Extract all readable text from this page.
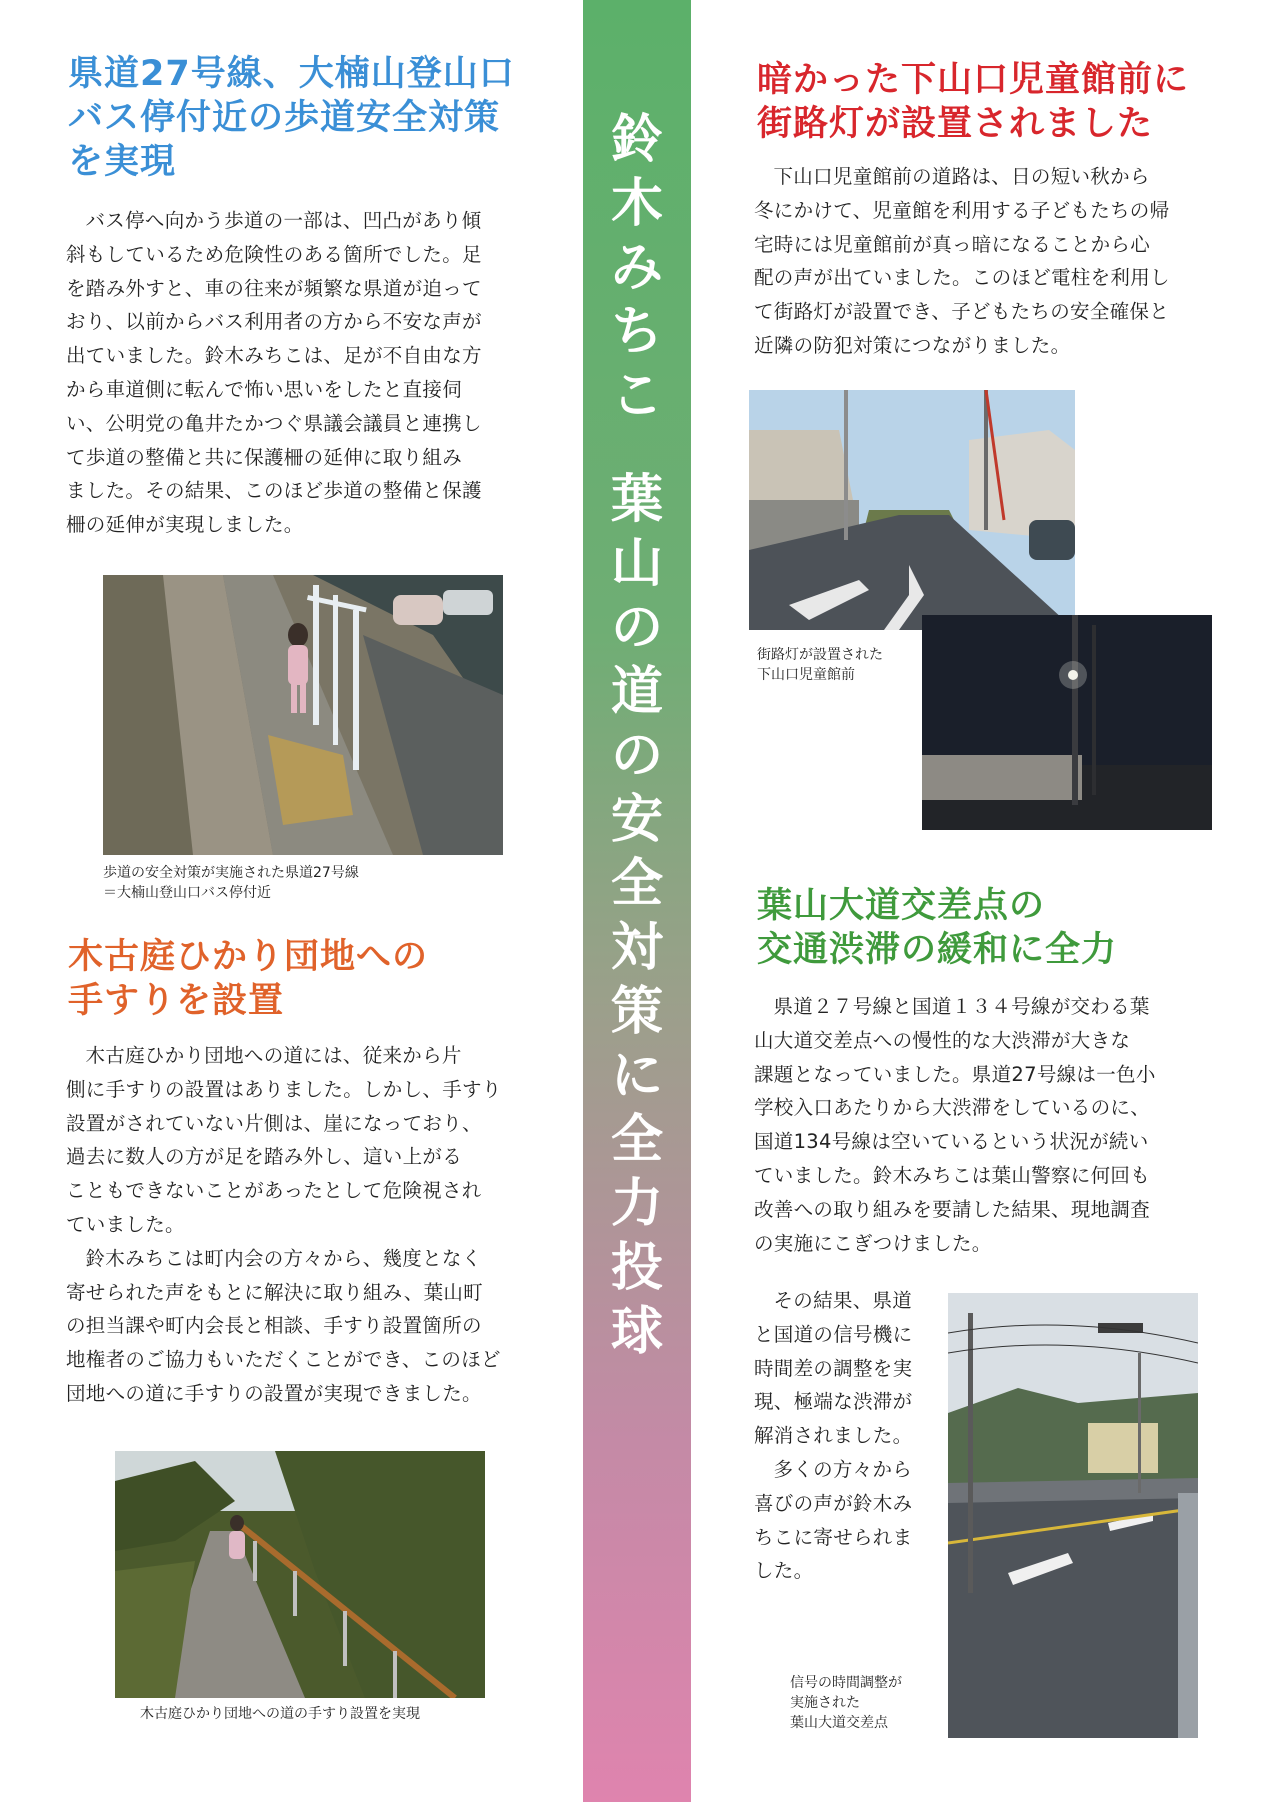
鈴
木
み
ち
こ
葉
山
の
道
の
安
全
対
策
に
全
力
投
球
県道27号線、大楠山登山口
バス停付近の歩道安全対策
を実現
バス停へ向かう歩道の一部は、凹凸があり傾
斜もしているため危険性のある箇所でした。足
を踏み外すと、車の往来が頻繁な県道が迫って
おり、以前からバス利用者の方から不安な声が
出ていました。鈴木みちこは、足が不自由な方
から車道側に転んで怖い思いをしたと直接伺
い、公明党の亀井たかつぐ県議会議員と連携し
て歩道の整備と共に保護柵の延伸に取り組み
ました。その結果、このほど歩道の整備と保護
柵の延伸が実現しました。
歩道の安全対策が実施された県道27号線
＝大楠山登山口バス停付近
木古庭ひかり団地への
手すりを設置
木古庭ひかり団地への道には、従来から片
側に手すりの設置はありました。しかし、手すり
設置がされていない片側は、崖になっており、
過去に数人の方が足を踏み外し、這い上がる
こともできないことがあったとして危険視され
ていました。
鈴木みちこは町内会の方々から、幾度となく
寄せられた声をもとに解決に取り組み、葉山町
の担当課や町内会長と相談、手すり設置箇所の
地権者のご協力もいただくことができ、このほど
団地への道に手すりの設置が実現できました。
木古庭ひかり団地への道の手すり設置を実現
暗かった下山口児童館前に
街路灯が設置されました
下山口児童館前の道路は、日の短い秋から
冬にかけて、児童館を利用する子どもたちの帰
宅時には児童館前が真っ暗になることから心
配の声が出ていました。このほど電柱を利用し
て街路灯が設置でき、子どもたちの安全確保と
近隣の防犯対策につながりました。
街路灯が設置された
下山口児童館前
葉山大道交差点の
交通渋滞の緩和に全力
県道２７号線と国道１３４号線が交わる葉
山大道交差点への慢性的な大渋滞が大きな
課題となっていました。県道27号線は一色小
学校入口あたりから大渋滞をしているのに、
国道134号線は空いているという状況が続い
ていました。鈴木みちこは葉山警察に何回も
改善への取り組みを要請した結果、現地調査
の実施にこぎつけました。
その結果、県道
と国道の信号機に
時間差の調整を実
現、極端な渋滞が
解消されました。
多くの方々から
喜びの声が鈴木み
ちこに寄せられま
した。
信号の時間調整が
実施された
葉山大道交差点
